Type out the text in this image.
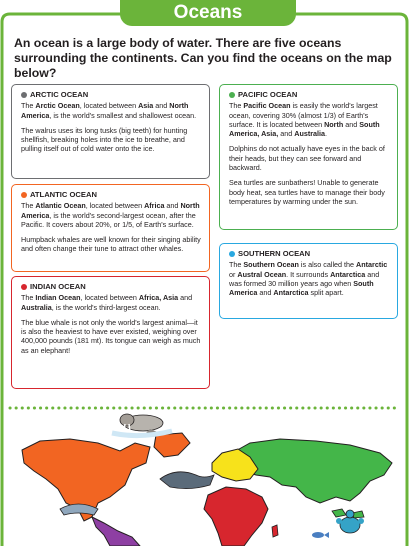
Oceans
An ocean is a large body of water. There are five oceans surrounding the continents. Can you find the oceans on the map below?
ARCTIC OCEAN

The Arctic Ocean, located between Asia and North America, is the world's smallest and shallowest ocean.

The walrus uses its long tusks (big teeth) for hunting shellfish, breaking holes into the ice to breathe, and pulling itself out of cold water onto the ice.

ATLANTIC OCEAN

The Atlantic Ocean, located between Africa and North America, is the world's second-largest ocean, after the Pacific. It covers about 20%, or 1/5, of Earth's surface.

Humpback whales are well known for their singing ability and often change their tune to attract other whales.

INDIAN OCEAN

The Indian Ocean, located between Africa, Asia and Australia, is the world's third-largest ocean.

The blue whale is not only the world's largest animal—it is also the heaviest to have ever existed, weighing over 400,000 pounds (181 mt). Its tongue can weigh as much as an elephant!

PACIFIC OCEAN

The Pacific Ocean is easily the world's largest ocean, covering 30% (almost 1/3) of Earth's surface. It is located between North and South America, Asia, and Australia.

Dolphins do not actually have eyes in the back of their heads, but they can see forward and backward.

Sea turtles are sunbathers! Unable to generate body heat, sea turtles have to manage their body temperatures by warming under the sun.

SOUTHERN OCEAN

The Southern Ocean is also called the Antarctic or Austral Ocean. It surrounds Antarctica and was formed 30 million years ago when South America and Antarctica split apart.
